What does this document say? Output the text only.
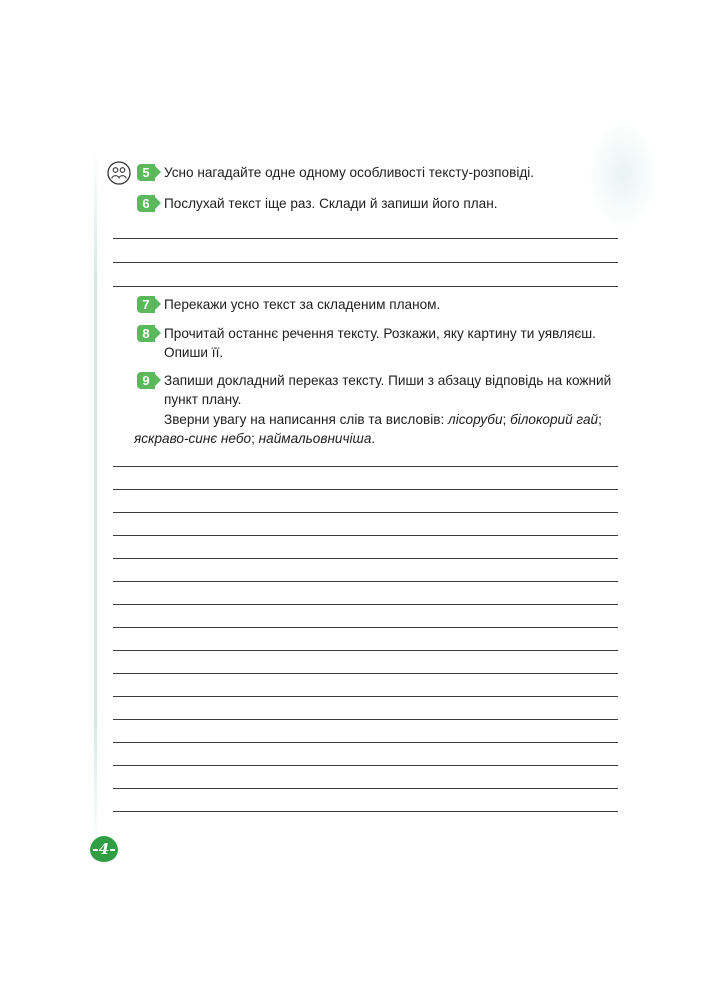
5	Усно нагадайте одне одному особливості тексту-розповіді.
6	Послухай текст іще раз. Склади й запиши його план.
7	Перекажи усно текст за складеним планом.
8	Прочитай останнє речення тексту. Розкажи, яку картину ти уявляєш. Опиши її.
9	Запиши докладний переказ тексту. Пиши з абзацу відповідь на кожний пункт плану.
Зверни увагу на написання слів та висловів: лісоруби; білокорий гай; яскраво-синє небо; наймальовничіша.
4
